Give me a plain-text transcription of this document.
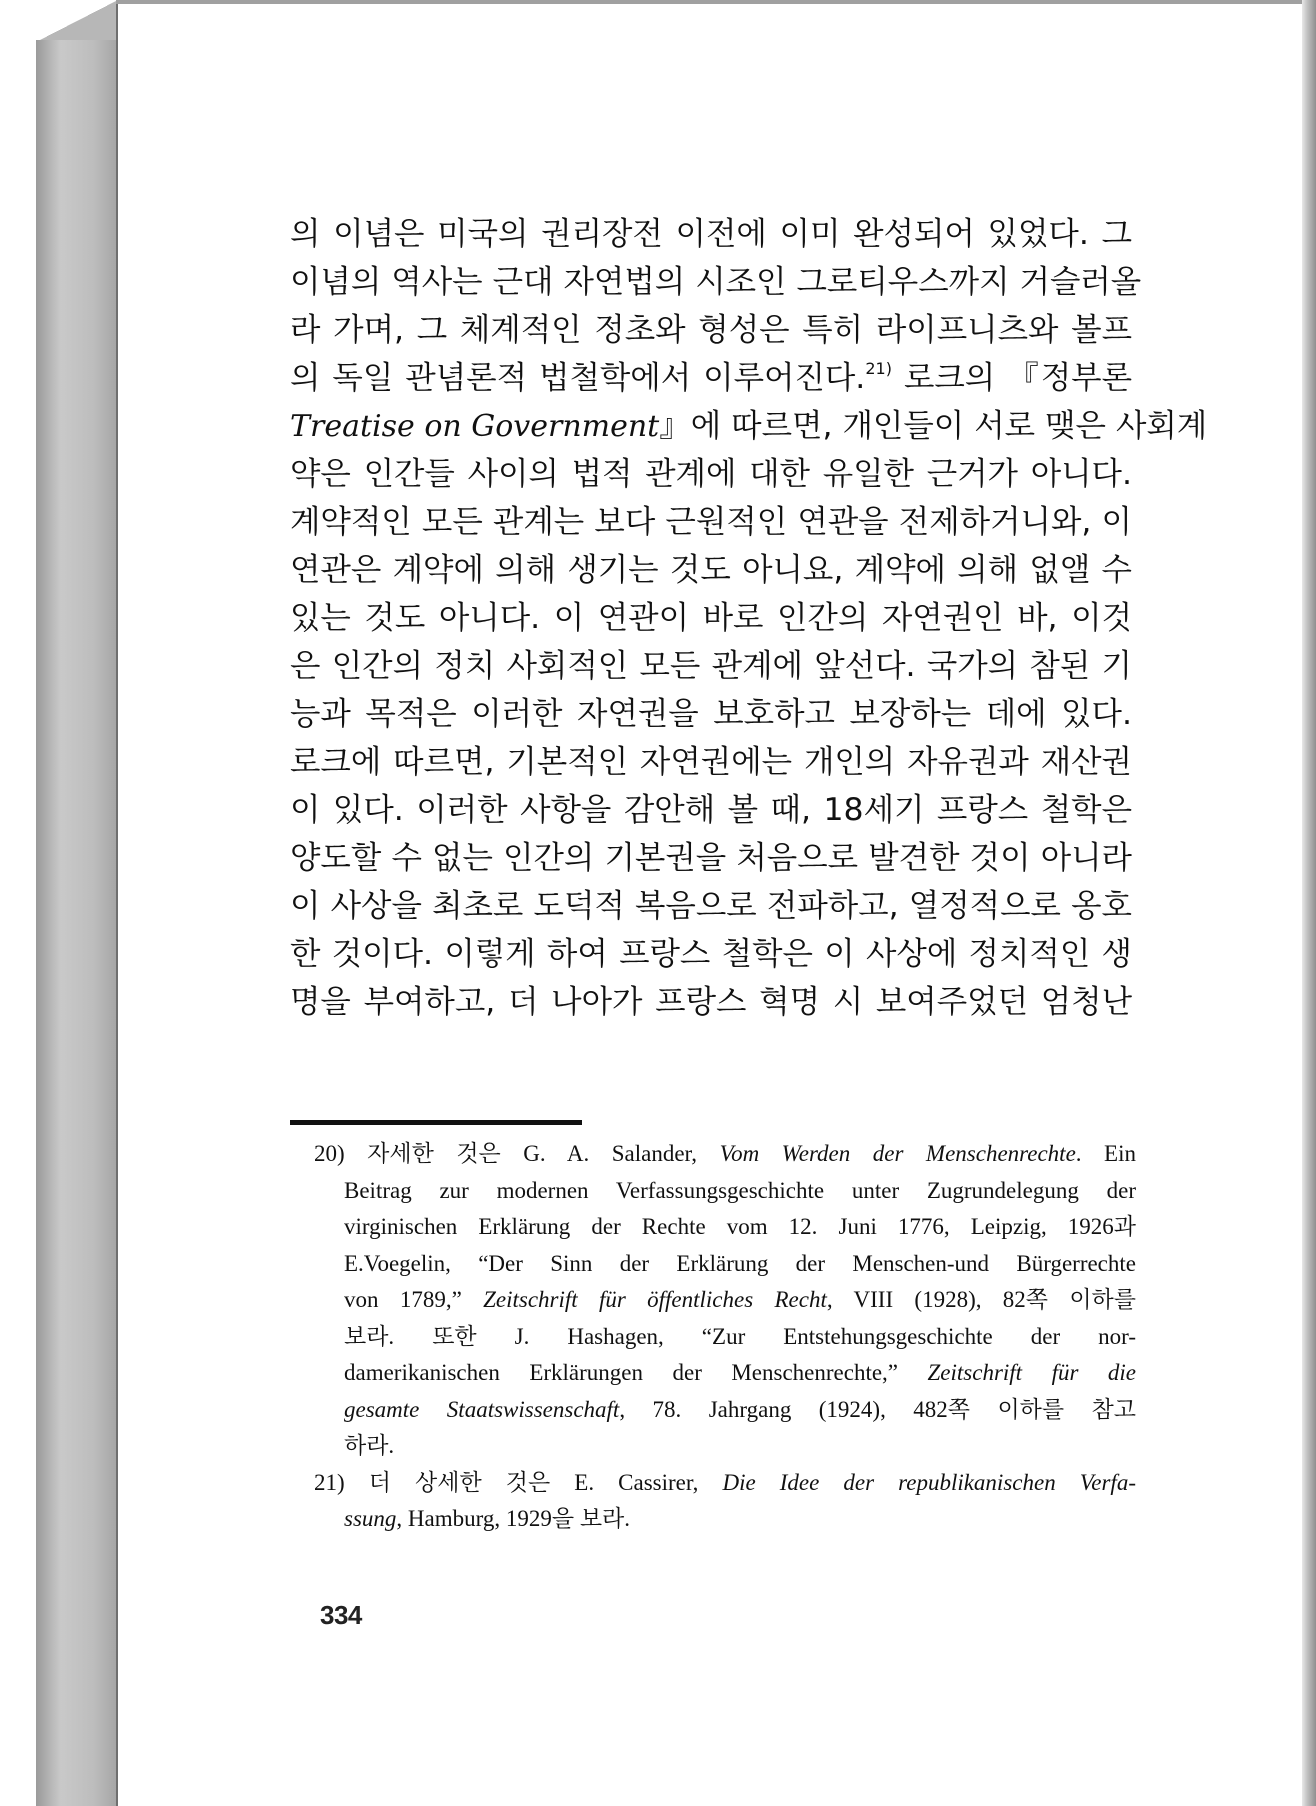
의 이념은 미국의 권리장전 이전에 이미 완성되어 있었다. 그
이념의 역사는 근대 자연법의 시조인 그로티우스까지 거슬러올
라 가며, 그 체계적인 정초와 형성은 특히 라이프니츠와 볼프
의 독일 관념론적 법철학에서 이루어진다.$^{21)}$ 로크의 『정부론
Treatise on Government』에 따르면, 개인들이 서로 맺은 사회계
약은 인간들 사이의 법적 관계에 대한 유일한 근거가 아니다.
계약적인 모든 관계는 보다 근원적인 연관을 전제하거니와, 이
연관은 계약에 의해 생기는 것도 아니요, 계약에 의해 없앨 수
있는 것도 아니다. 이 연관이 바로 인간의 자연권인 바, 이것
은 인간의 정치 사회적인 모든 관계에 앞선다. 국가의 참된 기
능과 목적은 이러한 자연권을 보호하고 보장하는 데에 있다.
로크에 따르면, 기본적인 자연권에는 개인의 자유권과 재산권
이 있다. 이러한 사항을 감안해 볼 때, 18세기 프랑스 철학은
양도할 수 없는 인간의 기본권을 처음으로 발견한 것이 아니라
이 사상을 최초로 도덕적 복음으로 전파하고, 열정적으로 옹호
한 것이다. 이렇게 하여 프랑스 철학은 이 사상에 정치적인 생
명을 부여하고, 더 나아가 프랑스 혁명 시 보여주었던 엄청난
20) 자세한 것은 G. A. Salander, Vom Werden der Menschenrechte. Ein
Beitrag zur modernen Verfassungsgeschichte unter Zugrundelegung der
virginischen Erklärung der Rechte vom 12. Juni 1776, Leipzig, 1926과
E.Voegelin, “Der Sinn der Erklärung der Menschen-und Bürgerrechte
von 1789,” Zeitschrift für öffentliches Recht, VIII (1928), 82쪽 이하를
보라. 또한 J. Hashagen, “Zur Entstehungsgeschichte der nor-
damerikanischen Erklärungen der Menschenrechte,” Zeitschrift für die
gesamte Staatswissenschaft, 78. Jahrgang (1924), 482쪽 이하를 참고
하라.
21) 더 상세한 것은 E. Cassirer, Die Idee der republikanischen Verfa-
ssung, Hamburg, 1929을 보라.
334
